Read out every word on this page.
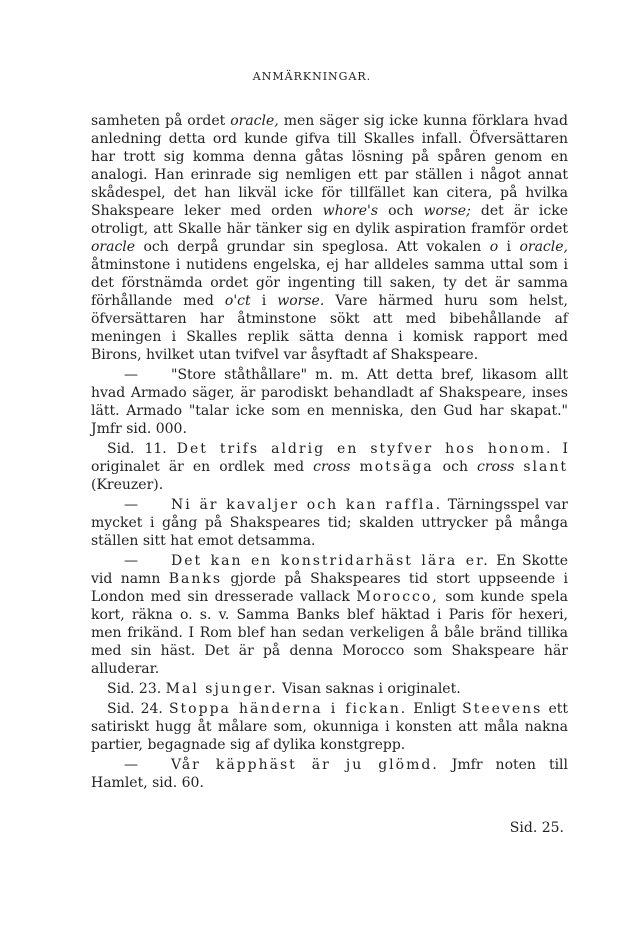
ANMÄRKNINGAR.

samheten på ordet oracle, men säger sig icke kunna förklara hvad anledning detta ord kunde gifva till Skalles infall. Öfversättaren har trott sig komma denna gåtas lösning på spåren genom en analogi. Han erinrade sig nemligen ett par ställen i något annat skådespel, det han likväl icke för tillfället kan citera, på hvilka Shakspeare leker med orden whore's och worse; det är icke otroligt, att Skalle här tänker sig en dylik aspiration framför ordet oracle och derpå grundar sin speglosa. Att vokalen o i oracle, åtminstone i nutidens engelska, ej har alldeles samma uttal som i det förstnämda ordet gör ingenting till saken, ty det är samma förhållande med o'ct i worse. Vare härmed huru som helst, öfversättaren har åtminstone sökt att med bibehållande af meningen i Skalles replik sätta denna i komisk rapport med Birons, hvilket utan tvifvel var åsyftadt af Shakspeare.

— "Store ståthållare" m. m. Att detta bref, likasom allt hvad Armado säger, är parodiskt behandladt af Shakspeare, inses lätt. Armado "talar icke som en menniska, den Gud har skapat." Jmfr sid. 000.

Sid. 11. Det trifs aldrig en styfver hos honom. I originalet är en ordlek med cross motsäga och cross slant (Kreuzer).

— Ni är kavaljer och kan raffla. Tärningsspel var mycket i gång på Shakspeares tid; skalden uttrycker på många ställen sitt hat emot detsamma.

— Det kan en konstridarhäst lära er. En Skotte vid namn Banks gjorde på Shakspeares tid stort uppseende i London med sin dresserade vallack Morocco, som kunde spela kort, räkna o. s. v. Samma Banks blef häktad i Paris för hexeri, men frikänd. I Rom blef han sedan verkeligen å båle bränd tillika med sin häst. Det är på denna Morocco som Shakspeare här alluderar.

Sid. 23. Mal sjunger. Visan saknas i originalet.

Sid. 24. Stoppa händerna i fickan. Enligt Steevens ett satiriskt hugg åt målare som, okunniga i konsten att måla nakna partier, begagnade sig af dylika konstgrepp.

— Vår käpphäst är ju glömd. Jmfr noten till Hamlet, sid. 60.

Sid. 25.
